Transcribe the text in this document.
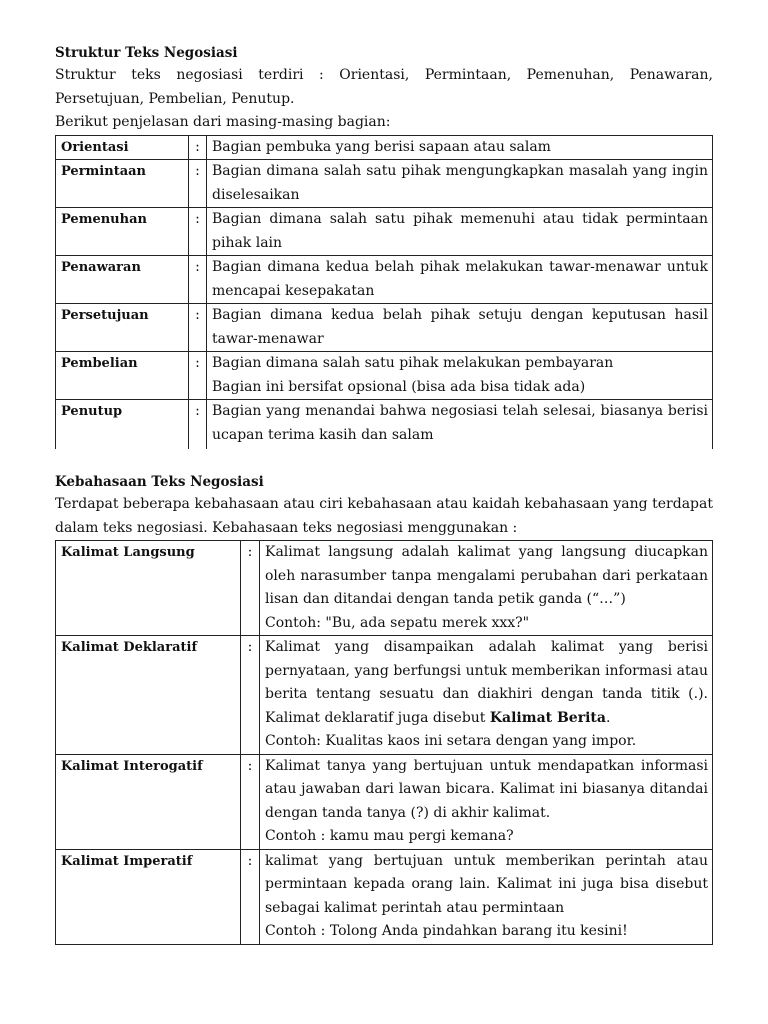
Struktur Teks Negosiasi

Struktur teks negosiasi terdiri : Orientasi, Permintaan, Pemenuhan, Penawaran, Persetujuan, Pembelian, Penutup.

Berikut penjelasan dari masing-masing bagian:

Orientasi	:	Bagian pembuka yang berisi sapaan atau salam

Permintaan	:	Bagian dimana salah satu pihak mengungkapkan masalah yang ingin diselesaikan

Pemenuhan	:	Bagian dimana salah satu pihak memenuhi atau tidak permintaan pihak lain

Penawaran	:	Bagian dimana kedua belah pihak melakukan tawar-menawar untuk mencapai kesepakatan

Persetujuan	:	Bagian dimana kedua belah pihak setuju dengan keputusan hasil tawar-menawar

Pembelian	:	Bagian dimana salah satu pihak melakukan pembayaran

Bagian ini bersifat opsional (bisa ada bisa tidak ada)

Penutup	:	Bagian yang menandai bahwa negosiasi telah selesai, biasanya berisi ucapan terima kasih dan salam

Kebahasaan Teks Negosiasi

Terdapat beberapa kebahasaan atau ciri kebahasaan atau kaidah kebahasaan yang terdapat dalam teks negosiasi. Kebahasaan teks negosiasi menggunakan :

Kalimat Langsung	:	Kalimat langsung adalah kalimat yang langsung diucapkan oleh narasumber tanpa mengalami perubahan dari perkataan lisan dan ditandai dengan tanda petik ganda (“…”)

Contoh: "Bu, ada sepatu merek xxx?"

Kalimat Deklaratif	:	Kalimat yang disampaikan adalah kalimat yang berisi pernyataan, yang berfungsi untuk memberikan informasi atau berita tentang sesuatu dan diakhiri dengan tanda titik (.). Kalimat deklaratif juga disebut Kalimat Berita.

Contoh: Kualitas kaos ini setara dengan yang impor.

Kalimat Interogatif	:	Kalimat tanya yang bertujuan untuk mendapatkan informasi atau jawaban dari lawan bicara. Kalimat ini biasanya ditandai dengan tanda tanya (?) di akhir kalimat.

Contoh : kamu mau pergi kemana?

Kalimat Imperatif	:	kalimat yang bertujuan untuk memberikan perintah atau permintaan kepada orang lain. Kalimat ini juga bisa disebut sebagai kalimat perintah atau permintaan

Contoh : Tolong Anda pindahkan barang itu kesini!
